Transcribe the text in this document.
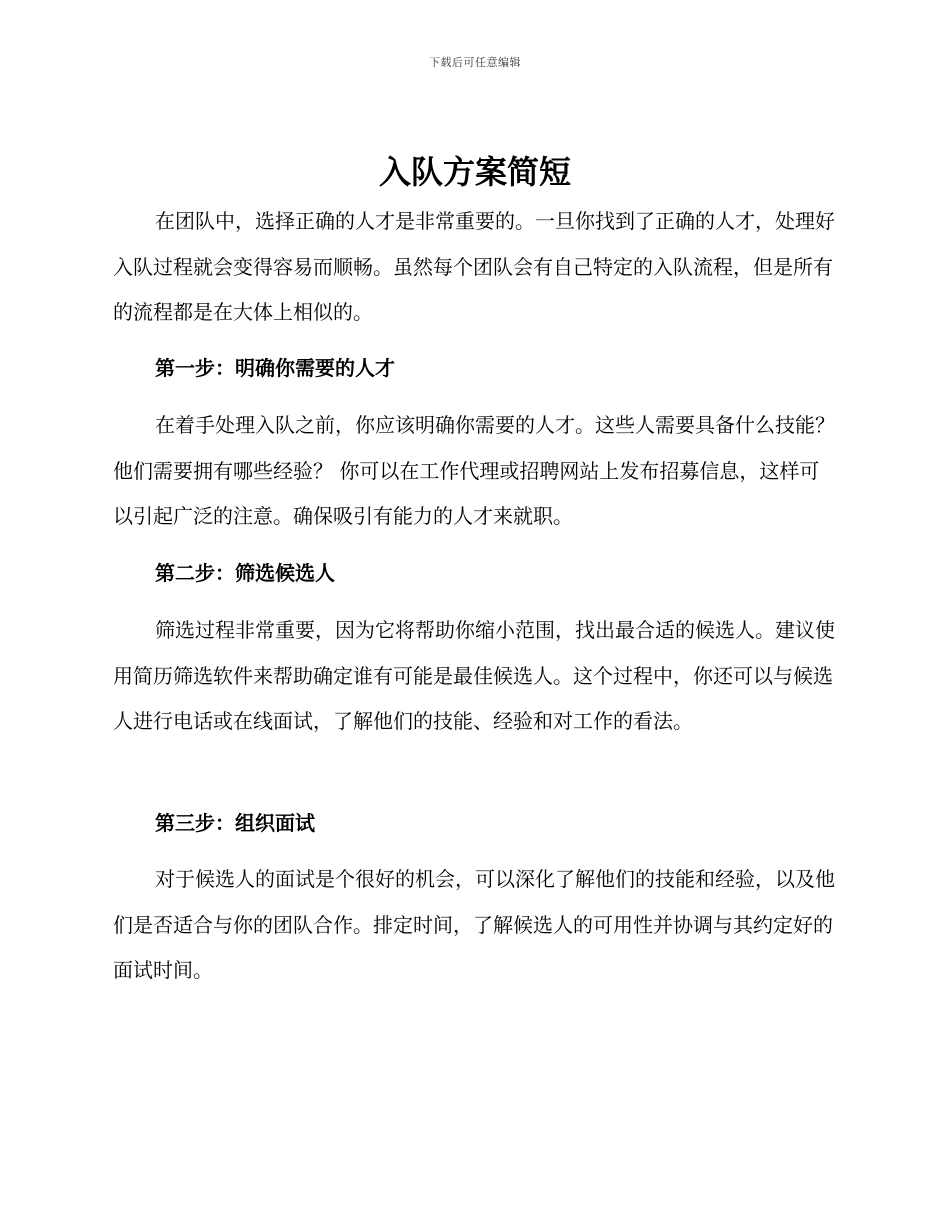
下载后可任意编辑
入队方案简短

在团队中，选择正确的人才是非常重要的。一旦你找到了正确的人才，处理好入队过程就会变得容易而顺畅。虽然每个团队会有自己特定的入队流程，但是所有的流程都是在大体上相似的。

第一步：明确你需要的人才

在着手处理入队之前，你应该明确你需要的人才。这些人需要具备什么技能？他们需要拥有哪些经验？ 你可以在工作代理或招聘网站上发布招募信息，这样可以引起广泛的注意。确保吸引有能力的人才来就职。

第二步：筛选候选人

筛选过程非常重要，因为它将帮助你缩小范围，找出最合适的候选人。建议使用简历筛选软件来帮助确定谁有可能是最佳候选人。这个过程中，你还可以与候选人进行电话或在线面试，了解他们的技能、经验和对工作的看法。

第三步：组织面试

对于候选人的面试是个很好的机会，可以深化了解他们的技能和经验，以及他们是否适合与你的团队合作。排定时间，了解候选人的可用性并协调与其约定好的面试时间。
